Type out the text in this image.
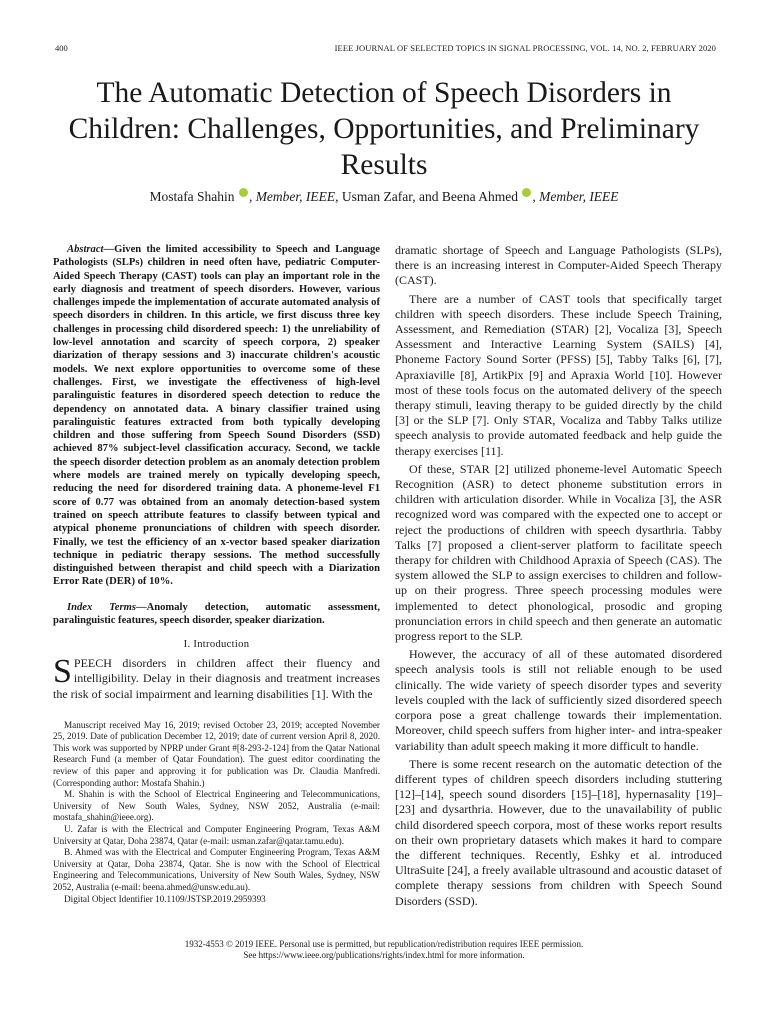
400	IEEE JOURNAL OF SELECTED TOPICS IN SIGNAL PROCESSING, VOL. 14, NO. 2, FEBRUARY 2020
The Automatic Detection of Speech Disorders in Children: Challenges, Opportunities, and Preliminary Results
Mostafa Shahin , Member, IEEE, Usman Zafar, and Beena Ahmed , Member, IEEE

Abstract—Given the limited accessibility to Speech and Language Pathologists (SLPs) children in need often have, pediatric Computer-Aided Speech Therapy (CAST) tools can play an important role in the early diagnosis and treatment of speech disorders. However, various challenges impede the implementation of accurate automated analysis of speech disorders in children. In this article, we first discuss three key challenges in processing child disordered speech: 1) the unreliability of low-level annotation and scarcity of speech corpora, 2) speaker diarization of therapy sessions and 3) inaccurate children's acoustic models. We next explore opportunities to overcome some of these challenges. First, we investigate the effectiveness of high-level paralinguistic features in disordered speech detection to reduce the dependency on annotated data. A binary classifier trained using paralinguistic features extracted from both typically developing children and those suffering from Speech Sound Disorders (SSD) achieved 87% subject-level classification accuracy. Second, we tackle the speech disorder detection problem as an anomaly detection problem where models are trained merely on typically developing speech, reducing the need for disordered training data. A phoneme-level F1 score of 0.77 was obtained from an anomaly detection-based system trained on speech attribute features to classify between typical and atypical phoneme pronunciations of children with speech disorder. Finally, we test the efficiency of an x-vector based speaker diarization technique in pediatric therapy sessions. The method successfully distinguished between therapist and child speech with a Diarization Error Rate (DER) of 10%.

Index Terms—Anomaly detection, automatic assessment, paralinguistic features, speech disorder, speaker diarization.

I. Introduction

SPEECH disorders in children affect their fluency and intelligibility. Delay in their diagnosis and treatment increases the risk of social impairment and learning disabilities [1]. With the

Manuscript received May 16, 2019; revised October 23, 2019; accepted November 25, 2019. Date of publication December 12, 2019; date of current version April 8, 2020. This work was supported by NPRP under Grant #[8-293-2-124] from the Qatar National Research Fund (a member of Qatar Foundation). The guest editor coordinating the review of this paper and approving it for publication was Dr. Claudia Manfredi. (Corresponding author: Mostafa Shahin.)

M. Shahin is with the School of Electrical Engineering and Telecommunications, University of New South Wales, Sydney, NSW 2052, Australia (e-mail: mostafa_shahin@ieee.org).

U. Zafar is with the Electrical and Computer Engineering Program, Texas A&M University at Qatar, Doha 23874, Qatar (e-mail: usman.zafar@qatar.tamu.edu).

B. Ahmed was with the Electrical and Computer Engineering Program, Texas A&M University at Qatar, Doha 23874, Qatar. She is now with the School of Electrical Engineering and Telecommunications, University of New South Wales, Sydney, NSW 2052, Australia (e-mail: beena.ahmed@unsw.edu.au).

Digital Object Identifier 10.1109/JSTSP.2019.2959393

dramatic shortage of Speech and Language Pathologists (SLPs), there is an increasing interest in Computer-Aided Speech Therapy (CAST).

There are a number of CAST tools that specifically target children with speech disorders. These include Speech Training, Assessment, and Remediation (STAR) [2], Vocaliza [3], Speech Assessment and Interactive Learning System (SAILS) [4], Phoneme Factory Sound Sorter (PFSS) [5], Tabby Talks [6], [7], Apraxiaville [8], ArtikPix [9] and Apraxia World [10]. However most of these tools focus on the automated delivery of the speech therapy stimuli, leaving therapy to be guided directly by the child [3] or the SLP [7]. Only STAR, Vocaliza and Tabby Talks utilize speech analysis to provide automated feedback and help guide the therapy exercises [11].

Of these, STAR [2] utilized phoneme-level Automatic Speech Recognition (ASR) to detect phoneme substitution errors in children with articulation disorder. While in Vocaliza [3], the ASR recognized word was compared with the expected one to accept or reject the productions of children with speech dysarthria. Tabby Talks [7] proposed a client-server platform to facilitate speech therapy for children with Childhood Apraxia of Speech (CAS). The system allowed the SLP to assign exercises to children and follow-up on their progress. Three speech processing modules were implemented to detect phonological, prosodic and groping pronunciation errors in child speech and then generate an automatic progress report to the SLP.

However, the accuracy of all of these automated disordered speech analysis tools is still not reliable enough to be used clinically. The wide variety of speech disorder types and severity levels coupled with the lack of sufficiently sized disordered speech corpora pose a great challenge towards their implementation. Moreover, child speech suffers from higher inter- and intra-speaker variability than adult speech making it more difficult to handle.

There is some recent research on the automatic detection of the different types of children speech disorders including stuttering [12]–[14], speech sound disorders [15]–[18], hypernasality [19]–[23] and dysarthria. However, due to the unavailability of public child disordered speech corpora, most of these works report results on their own proprietary datasets which makes it hard to compare the different techniques. Recently, Eshky et al. introduced UltraSuite [24], a freely available ultrasound and acoustic dataset of complete therapy sessions from children with Speech Sound Disorders (SSD).

1932-4553 © 2019 IEEE. Personal use is permitted, but republication/redistribution requires IEEE permission.
See https://www.ieee.org/publications/rights/index.html for more information.
